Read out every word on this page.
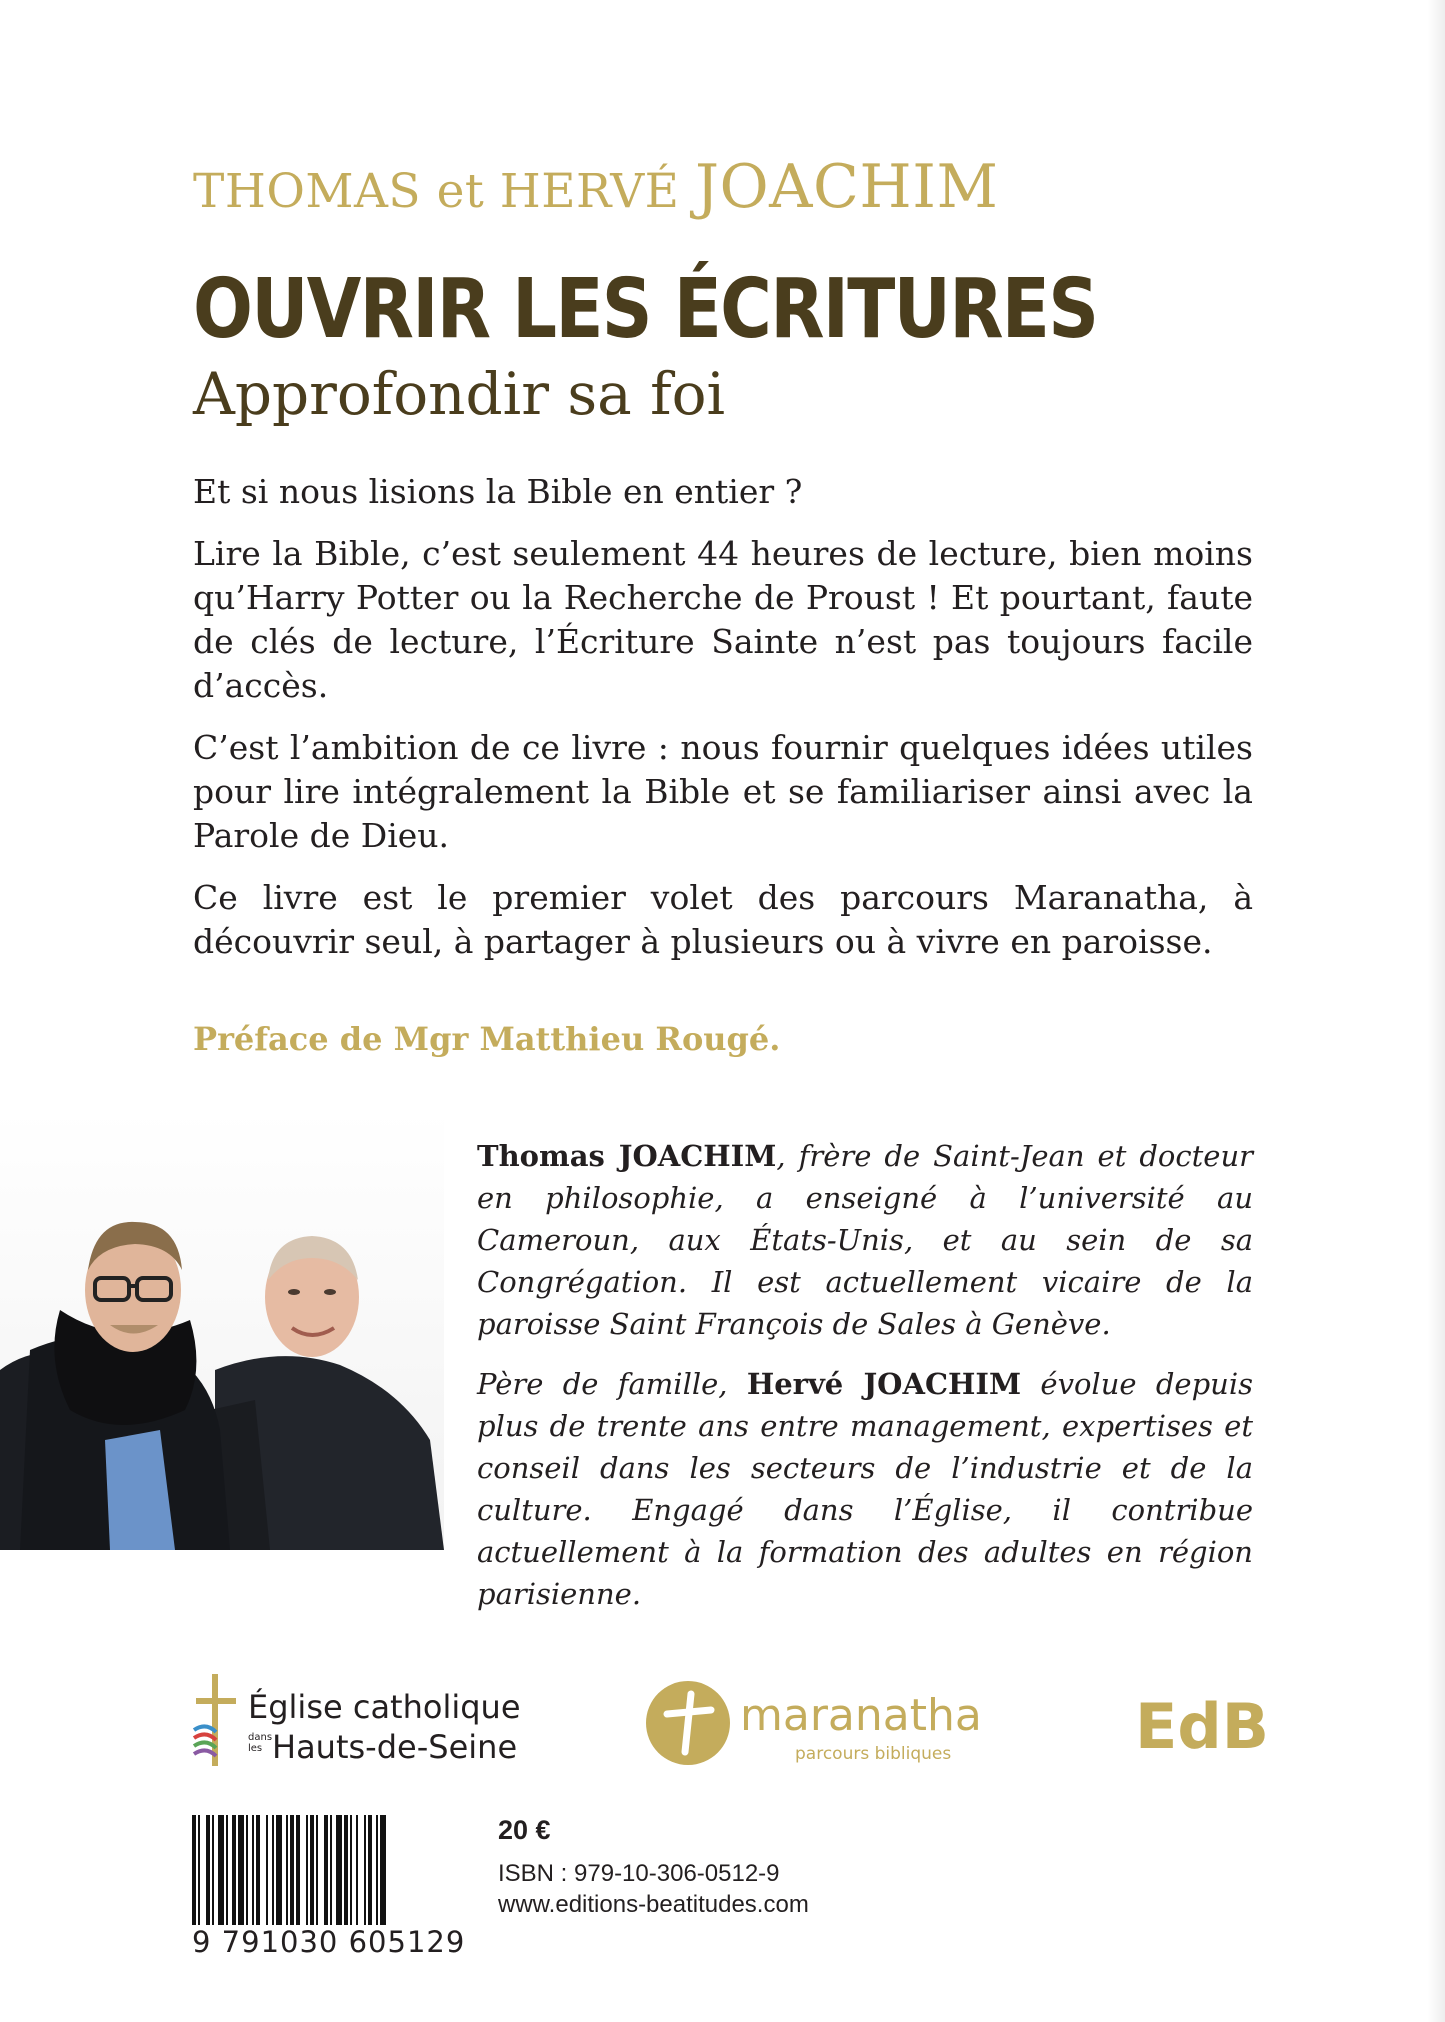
THOMAS et HERVÉ JOACHIM
OUVRIR LES ÉCRITURES
Approfondir sa foi

Et si nous lisions la Bible en entier ?

Lire la Bible, c’est seulement 44 heures de lecture, bien moins qu’Harry Potter ou la Recherche de Proust ! Et pourtant, faute de clés de lecture, l’Écriture Sainte n’est pas toujours facile d’accès.

C’est l’ambition de ce livre : nous fournir quelques idées utiles pour lire intégralement la Bible et se familiariser ainsi avec la Parole de Dieu.

Ce livre est le premier volet des parcours Maranatha, à découvrir seul, à partager à plusieurs ou à vivre en paroisse.

Préface de Mgr Matthieu Rougé.

Thomas JOACHIM, frère de Saint-Jean et docteur en philosophie, a enseigné à l’université au Cameroun, aux États-Unis, et au sein de sa Congrégation. Il est actuellement vicaire de la paroisse Saint François de Sales à Genève.

Père de famille, Hervé JOACHIM évolue depuis plus de trente ans entre management, expertises et conseil dans les secteurs de l’industrie et de la culture. Engagé dans l’Église, il contribue actuellement à la formation des adultes en région parisienne.

Église catholique
dans
les Hauts-de-Seine
maranatha
parcours bibliques	EdB
9 791030 605129
20 €
ISBN : 979-10-306-0512-9
www.editions-beatitudes.com
